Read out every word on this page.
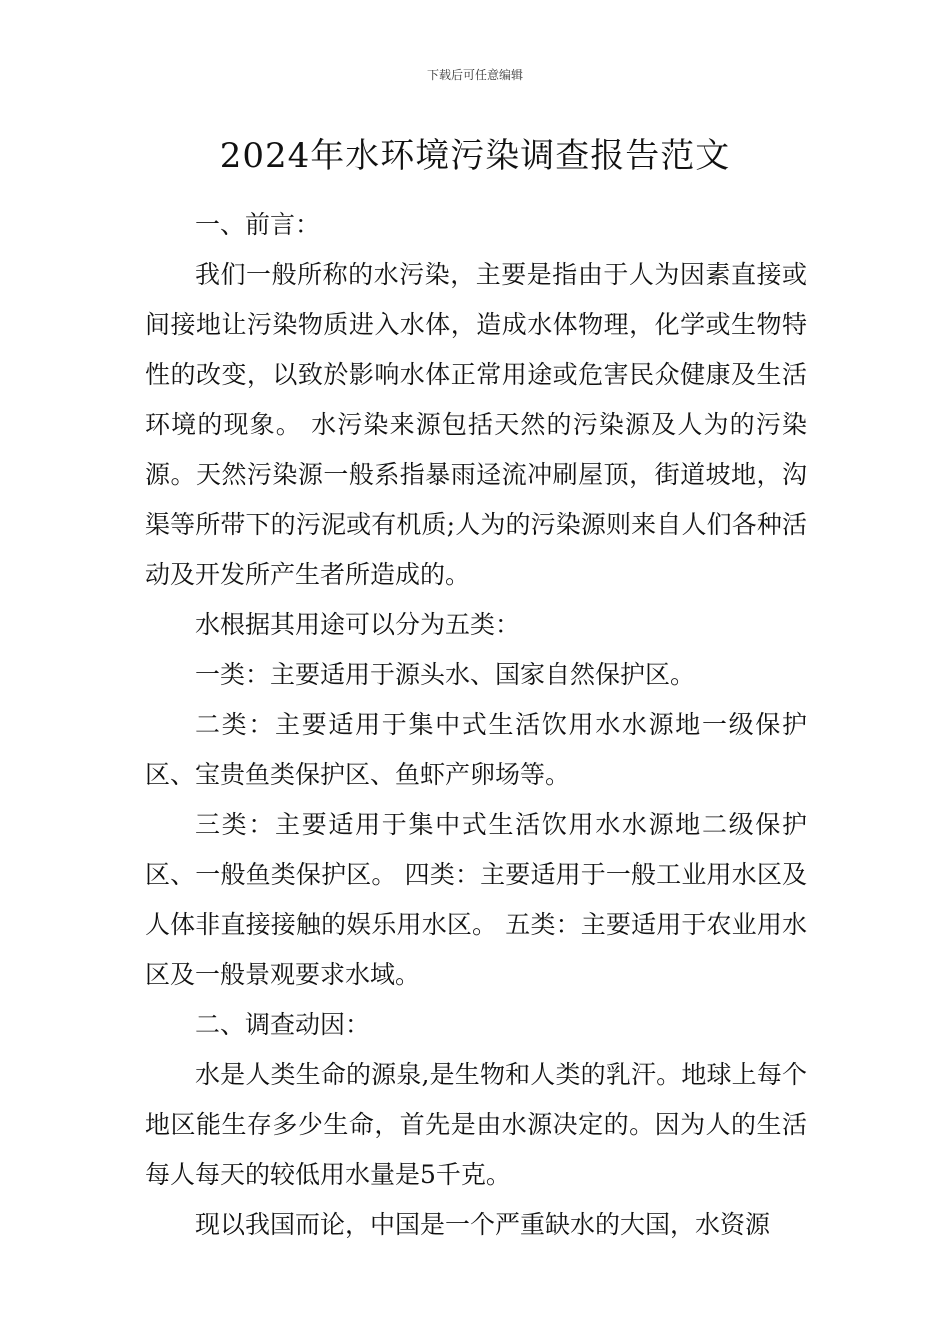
下载后可任意编辑
2024年水环境污染调查报告范文

一、前言：

我们一般所称的水污染，主要是指由于人为因素直接或间接地让污染物质进入水体，造成水体物理，化学或生物特性的改变，以致於影响水体正常用途或危害民众健康及生活环境的现象。 水污染来源包括天然的污染源及人为的污染源。天然污染源一般系指暴雨迳流冲刷屋顶，街道坡地，沟渠等所带下的污泥或有机质;人为的污染源则来自人们各种活动及开发所产生者所造成的。

水根据其用途可以分为五类：

一类：主要适用于源头水、国家自然保护区。

二类：主要适用于集中式生活饮用水水源地一级保护区、宝贵鱼类保护区、鱼虾产卵场等。

三类：主要适用于集中式生活饮用水水源地二级保护区、一般鱼类保护区。 四类：主要适用于一般工业用水区及人体非直接接触的娱乐用水区。 五类：主要适用于农业用水区及一般景观要求水域。

二、调查动因：

水是人类生命的源泉,是生物和人类的乳汗。地球上每个地区能生存多少生命，首先是由水源决定的。因为人的生活每人每天的较低用水量是5千克。

现以我国而论，中国是一个严重缺水的大国，水资源
